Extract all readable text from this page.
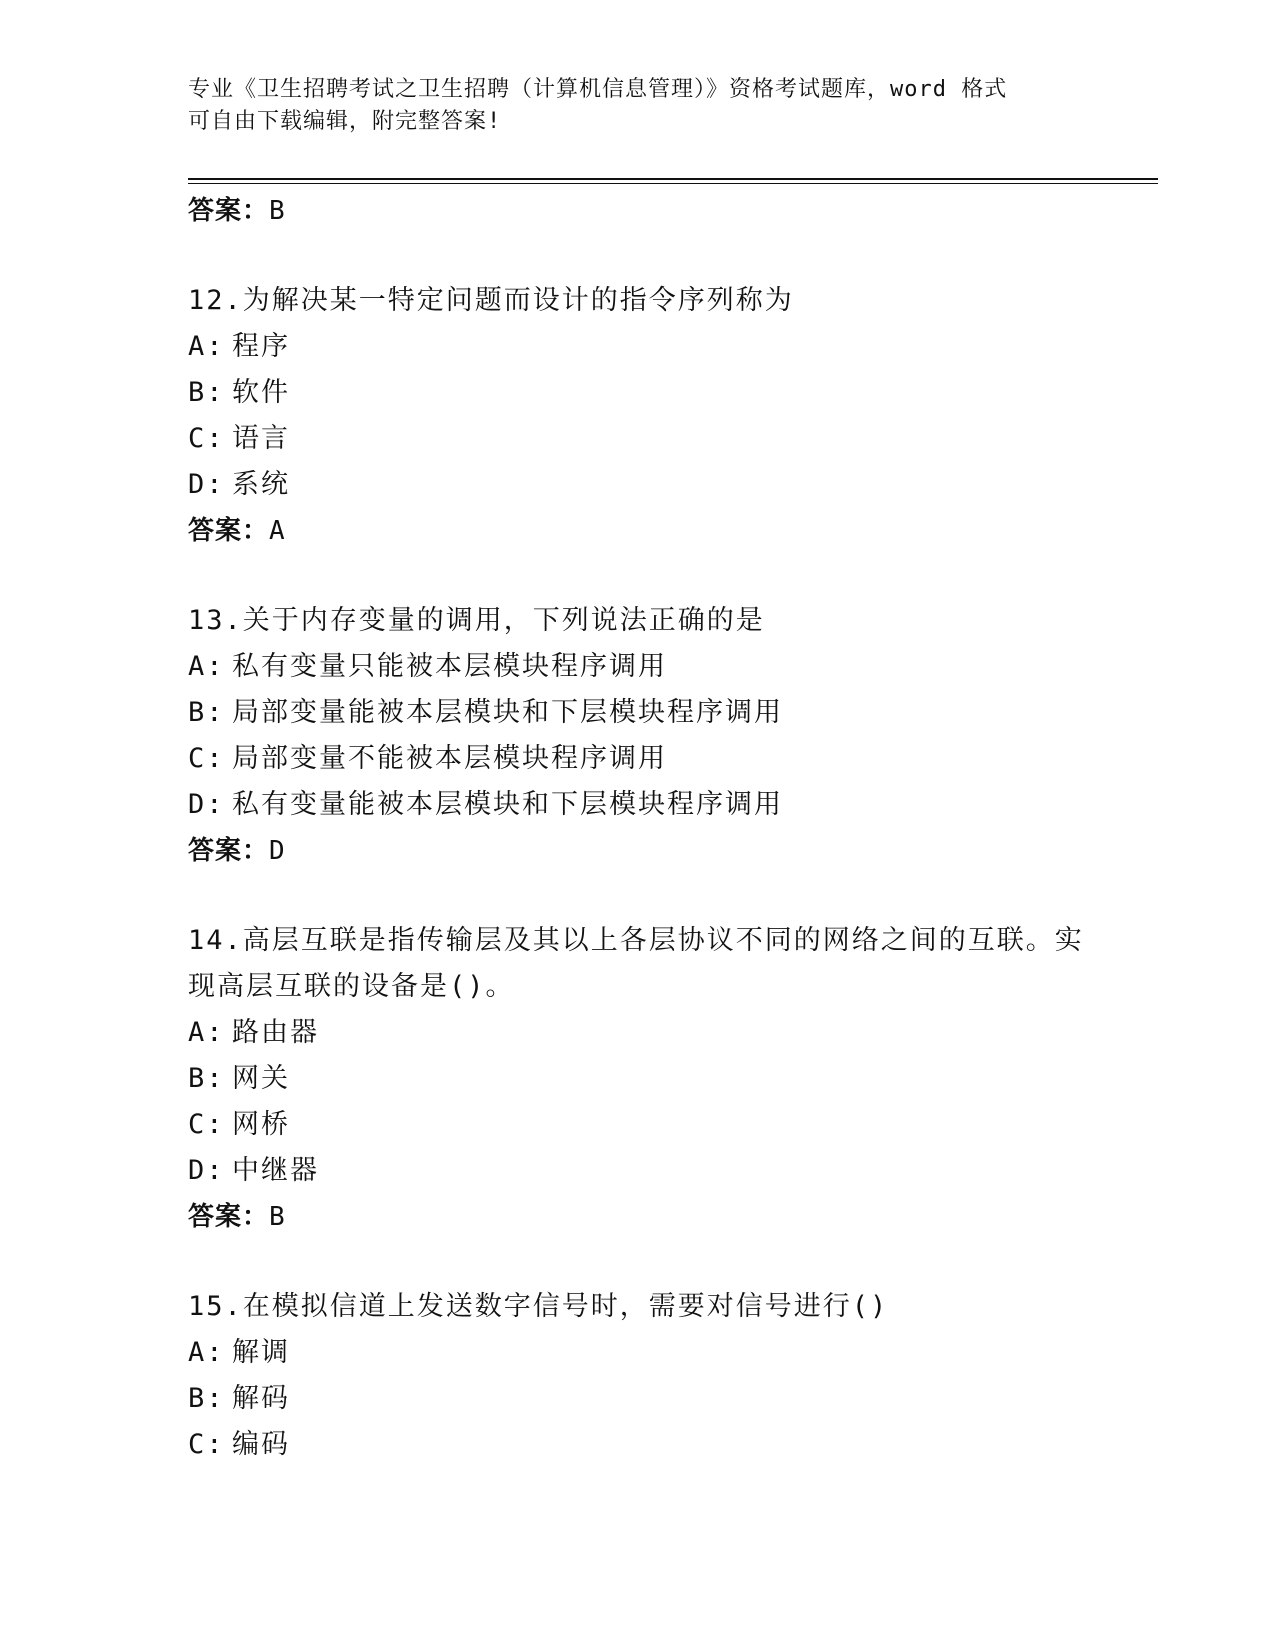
专业《卫生招聘考试之卫生招聘（计算机信息管理）》资格考试题库，word 格式
可自由下载编辑，附完整答案!
答案：B
12.为解决某一特定问题而设计的指令序列称为
A: 程序
B: 软件
C: 语言
D: 系统
答案：A
13.关于内存变量的调用，下列说法正确的是
A: 私有变量只能被本层模块程序调用
B: 局部变量能被本层模块和下层模块程序调用
C: 局部变量不能被本层模块程序调用
D: 私有变量能被本层模块和下层模块程序调用
答案：D
14.高层互联是指传输层及其以上各层协议不同的网络之间的互联。实现高层互联的设备是()。
A: 路由器
B: 网关
C: 网桥
D: 中继器
答案：B
15.在模拟信道上发送数字信号时，需要对信号进行()
A: 解调
B: 解码
C: 编码
